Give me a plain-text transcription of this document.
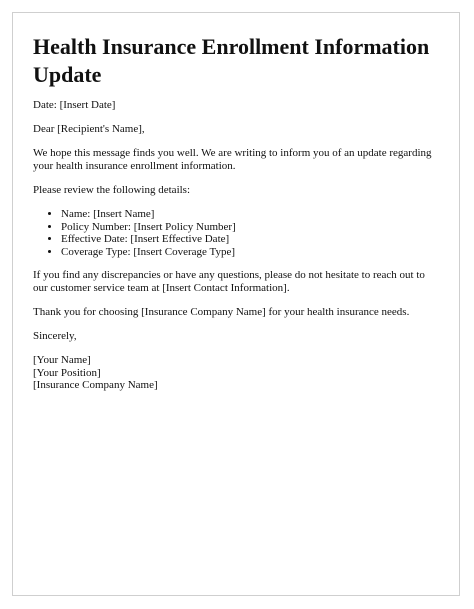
Health Insurance Enrollment Information Update

Date: [Insert Date]

Dear [Recipient's Name],

We hope this message finds you well. We are writing to inform you of an update regarding your health insurance enrollment information.

Please review the following details:

• Name: [Insert Name]
• Policy Number: [Insert Policy Number]
• Effective Date: [Insert Effective Date]
• Coverage Type: [Insert Coverage Type]

If you find any discrepancies or have any questions, please do not hesitate to reach out to our customer service team at [Insert Contact Information].

Thank you for choosing [Insurance Company Name] for your health insurance needs.

Sincerely,

[Your Name]
[Your Position]
[Insurance Company Name]
